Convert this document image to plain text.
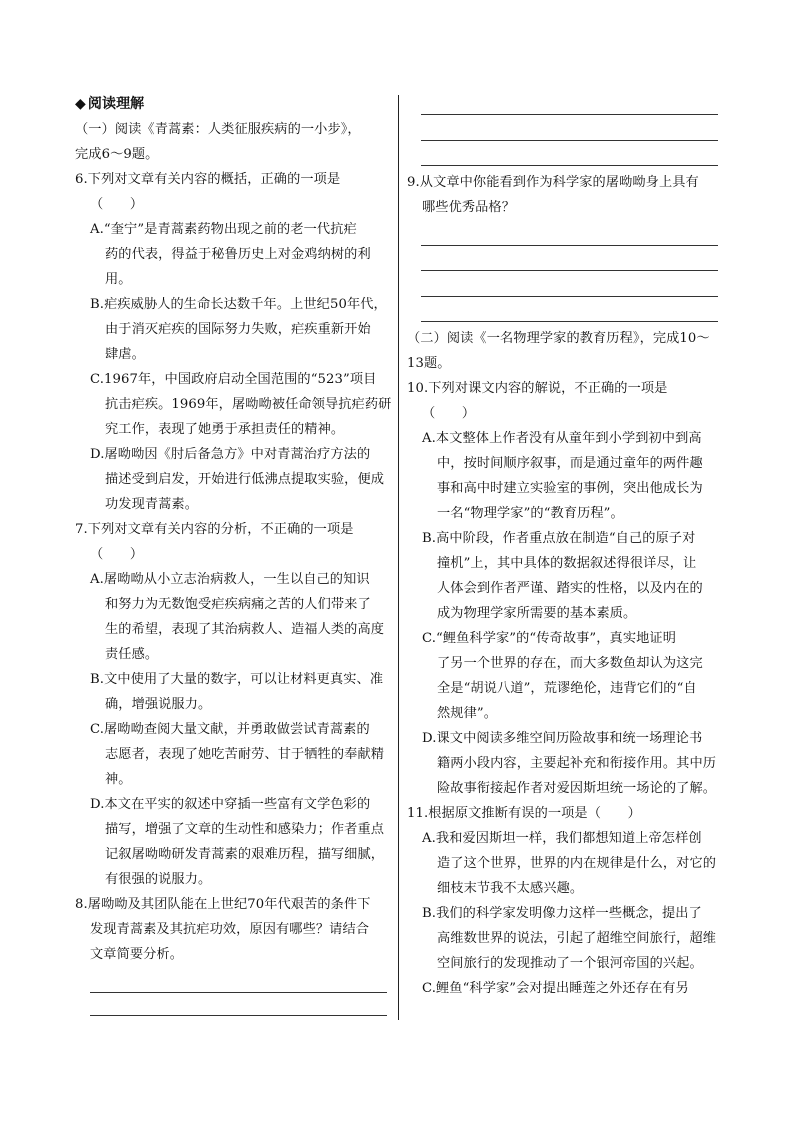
◆ 阅读理解
（一）阅读《青蒿素：人类征服疾病的一小步》，
完成6～9题。
6.下列对文章有关内容的概括，正确的一项是
（　　）
A.“奎宁”是青蒿素药物出现之前的老一代抗疟
药的代表，得益于秘鲁历史上对金鸡纳树的利
用。
B.疟疾威胁人的生命长达数千年。上世纪50年代，
由于消灭疟疾的国际努力失败，疟疾重新开始
肆虐。
C.1967年，中国政府启动全国范围的“523”项目
抗击疟疾。1969年，屠呦呦被任命领导抗疟药研
究工作，表现了她勇于承担责任的精神。
D.屠呦呦因《肘后备急方》中对青蒿治疗方法的
描述受到启发，开始进行低沸点提取实验，便成
功发现青蒿素。
7.下列对文章有关内容的分析，不正确的一项是
（　　）
A.屠呦呦从小立志治病救人，一生以自己的知识
和努力为无数饱受疟疾病痛之苦的人们带来了
生的希望，表现了其治病救人、造福人类的高度
责任感。
B.文中使用了大量的数字，可以让材料更真实、准
确，增强说服力。
C.屠呦呦查阅大量文献，并勇敢做尝试青蒿素的
志愿者，表现了她吃苦耐劳、甘于牺牲的奉献精
神。
D.本文在平实的叙述中穿插一些富有文学色彩的
描写，增强了文章的生动性和感染力；作者重点
记叙屠呦呦研发青蒿素的艰难历程，描写细腻，
有很强的说服力。
8.屠呦呦及其团队能在上世纪70年代艰苦的条件下
发现青蒿素及其抗疟功效，原因有哪些？请结合
文章简要分析。
9.从文章中你能看到作为科学家的屠呦呦身上具有
哪些优秀品格？
（二）阅读《一名物理学家的教育历程》，完成10～
13题。
10.下列对课文内容的解说，不正确的一项是
（　　）
A.本文整体上作者没有从童年到小学到初中到高
中，按时间顺序叙事，而是通过童年的两件趣
事和高中时建立实验室的事例，突出他成长为
一名“物理学家”的“教育历程”。
B.高中阶段，作者重点放在制造“自己的原子对
撞机”上，其中具体的数据叙述得很详尽，让
人体会到作者严谨、踏实的性格，以及内在的
成为物理学家所需要的基本素质。
C.“鲤鱼科学家”的“传奇故事”，真实地证明
了另一个世界的存在，而大多数鱼却认为这完
全是“胡说八道”，荒谬绝伦，违背它们的“自
然规律”。
D.课文中阅读多维空间历险故事和统一场理论书
籍两小段内容，主要起补充和衔接作用。其中历
险故事衔接起作者对爱因斯坦统一场论的了解。
11.根据原文推断有误的一项是（　　）
A.我和爱因斯坦一样，我们都想知道上帝怎样创
造了这个世界，世界的内在规律是什么，对它的
细枝末节我不太感兴趣。
B.我们的科学家发明像力这样一些概念，提出了
高维数世界的说法，引起了超维空间旅行，超维
空间旅行的发现推动了一个银河帝国的兴起。
C.鲤鱼“科学家”会对提出睡莲之外还存在有另
